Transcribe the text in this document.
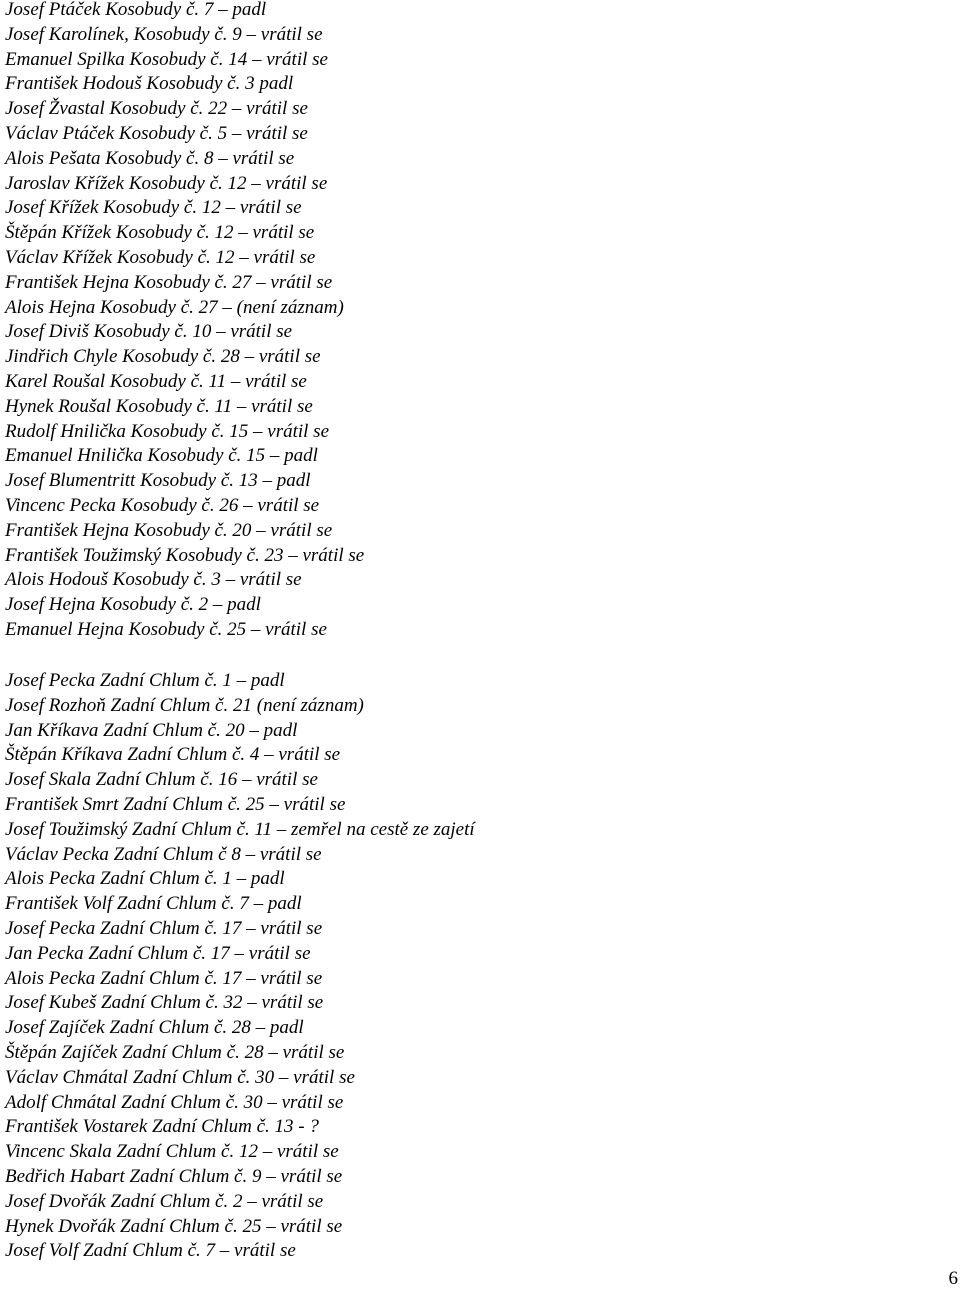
Josef Ptáček Kosobudy č. 7 – padl
Josef Karolínek, Kosobudy č. 9 – vrátil se
Emanuel Spilka Kosobudy č. 14 – vrátil se
František Hodouš Kosobudy č. 3 padl
Josef Žvastal Kosobudy č. 22 – vrátil se
Václav Ptáček Kosobudy č. 5 – vrátil se
Alois Pešata Kosobudy č. 8 – vrátil se
Jaroslav Křížek Kosobudy č. 12 – vrátil se
Josef Křížek Kosobudy č. 12 – vrátil se
Štěpán Křížek Kosobudy č. 12 – vrátil se
Václav Křížek Kosobudy č. 12 – vrátil se
František Hejna Kosobudy č. 27 – vrátil se
Alois Hejna Kosobudy č. 27 – (není záznam)
Josef Diviš Kosobudy č. 10 – vrátil se
Jindřich Chyle Kosobudy č. 28 – vrátil se
Karel Roušal Kosobudy č. 11 – vrátil se
Hynek Roušal Kosobudy č. 11 – vrátil se
Rudolf Hnilička Kosobudy č. 15 – vrátil se
Emanuel Hnilička Kosobudy č. 15 – padl
Josef Blumentritt Kosobudy č. 13 – padl
Vincenc Pecka Kosobudy č. 26 – vrátil se
František Hejna Kosobudy č. 20 – vrátil se
František Toužimský Kosobudy č. 23 – vrátil se
Alois Hodouš Kosobudy č. 3 – vrátil se
Josef Hejna Kosobudy č. 2 – padl
Emanuel Hejna Kosobudy č. 25 – vrátil se
Josef Pecka Zadní Chlum č. 1 – padl
Josef Rozhoň Zadní Chlum č. 21 (není záznam)
Jan Kříkava Zadní Chlum č. 20 – padl
Štěpán Kříkava Zadní Chlum č. 4 – vrátil se
Josef Skala Zadní Chlum č. 16 – vrátil se
František Smrt Zadní Chlum č. 25 – vrátil se
Josef Toužimský Zadní Chlum č. 11 – zemřel na cestě ze zajetí
Václav Pecka Zadní Chlum č 8 – vrátil se
Alois Pecka Zadní Chlum č. 1 – padl
František Volf Zadní Chlum č. 7 – padl
Josef Pecka Zadní Chlum č. 17 – vrátil se
Jan Pecka Zadní Chlum č. 17 – vrátil se
Alois Pecka Zadní Chlum č. 17 – vrátil se
Josef Kubeš Zadní Chlum č. 32 – vrátil se
Josef Zajíček Zadní Chlum č. 28 – padl
Štěpán Zajíček Zadní Chlum č. 28 – vrátil se
Václav Chmátal Zadní Chlum č. 30 – vrátil se
Adolf Chmátal Zadní Chlum č. 30 – vrátil se
František Vostarek Zadní Chlum č. 13 - ?
Vincenc Skala Zadní Chlum č. 12 – vrátil se
Bedřich Habart Zadní Chlum č. 9 – vrátil se
Josef Dvořák Zadní Chlum č. 2 – vrátil se
Hynek Dvořák Zadní Chlum č. 25 – vrátil se
Josef Volf Zadní Chlum č. 7 – vrátil se
6
